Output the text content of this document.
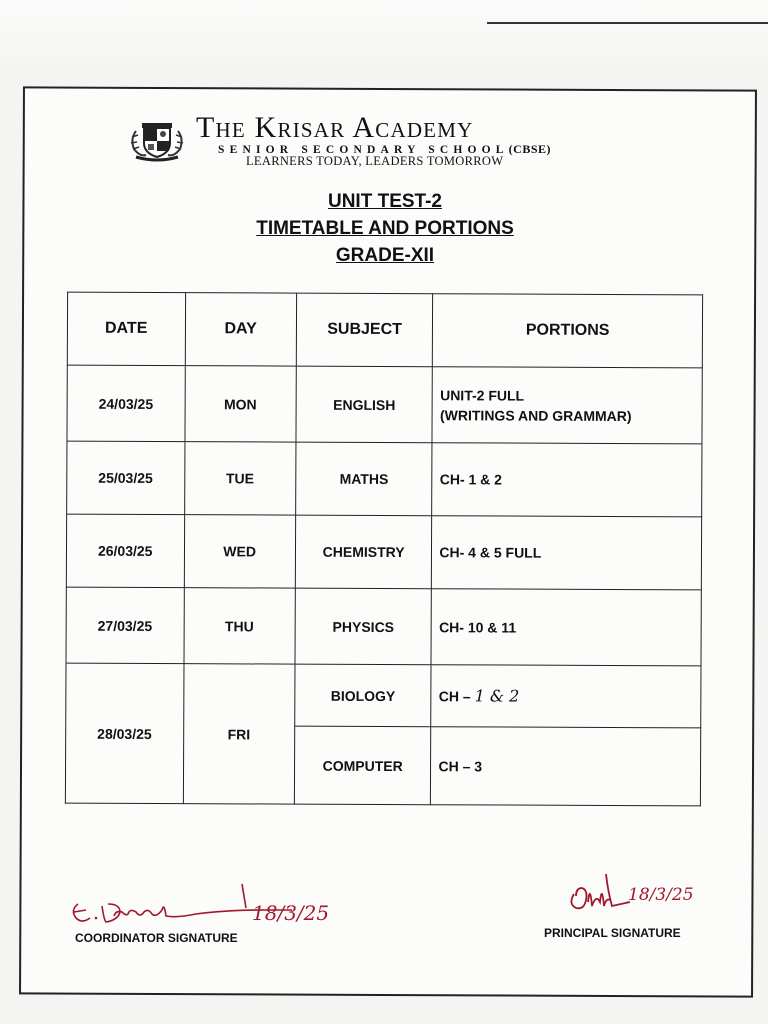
The Krisar Academy
SENIOR SECONDARY SCHOOL(CBSE)
LEARNERS TODAY, LEADERS TOMORROW
UNIT TEST-2
TIMETABLE AND PORTIONS
GRADE-XII
DATE	DAY	SUBJECT	PORTIONS
24/03/25	MON	ENGLISH	UNIT-2 FULL
(WRITINGS AND GRAMMAR)

25/03/25	TUE	MATHS	CH- 1 & 2
26/03/25	WED	CHEMISTRY	CH- 4 & 5 FULL
27/03/25	THU	PHYSICS	CH- 10 & 11
28/03/25	FRI	BIOLOGY	CH – 1 & 2
		COMPUTER	CH – 3
18/3/25
COORDINATOR SIGNATURE
18/3/25
PRINCIPAL SIGNATURE
